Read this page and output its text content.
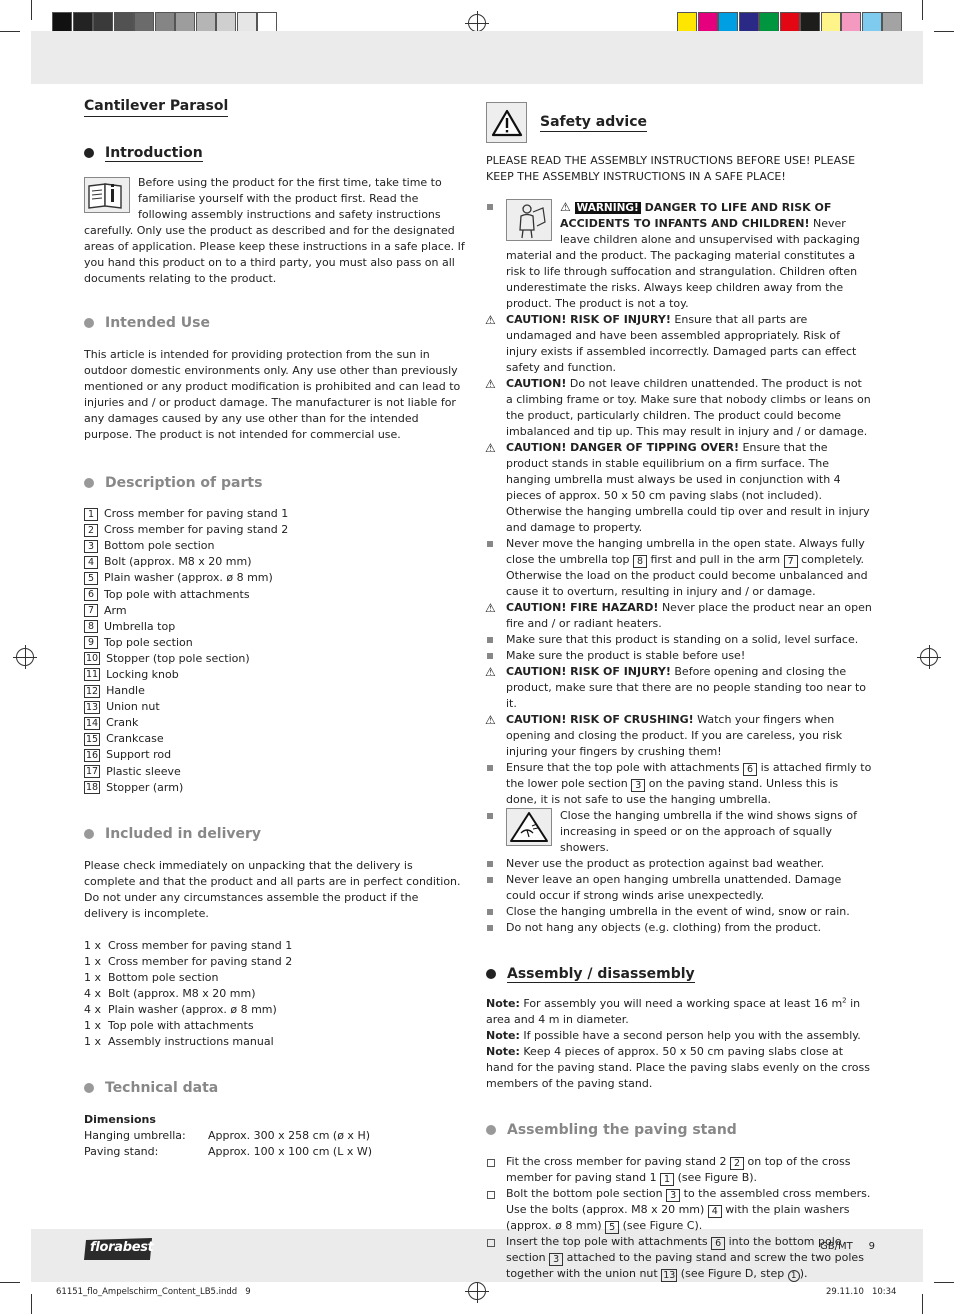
Cantilever Parasol
Introduction

Before using the product for the first time, take time to familiarise yourself with the product first. Read the following assembly instructions and safety instructions carefully. Only use the product as described and for the designated areas of application. Please keep these instructions in a safe place. If you hand this product on to a third party, you must also pass on all documents relating to the product.

Intended Use

This article is intended for providing protection from the sun in outdoor domestic environments only. Any use other than previously mentioned or any product modification is prohibited and can lead to injuries and / or product damage. The manufacturer is not liable for any damages caused by any use other than for the intended purpose. The product is not intended for commercial use.

Description of parts
1 Cross member for paving stand 1
2 Cross member for paving stand 2
3 Bottom pole section
4 Bolt (approx. M8 x 20 mm)
5 Plain washer (approx. ø 8 mm)
6 Top pole with attachments
7 Arm
8 Umbrella top
9 Top pole section
10 Stopper (top pole section)
11 Locking knob
12 Handle
13 Union nut
14 Crank
15 Crankcase
16 Support rod
17 Plastic sleeve
18 Stopper (arm)
Included in delivery

Please check immediately on unpacking that the delivery is complete and that the product and all parts are in perfect condition. Do not under any circumstances assemble the product if the delivery is incomplete.

1 x  Cross member for paving stand 1
1 x  Cross member for paving stand 2
1 x  Bottom pole section
4 x  Bolt (approx. M8 x 20 mm)
4 x  Plain washer (approx. ø 8 mm)
1 x  Top pole with attachments
1 x  Assembly instructions manual
Technical data
Dimensions
Hanging umbrella:	Approx. 300 x 258 cm (ø x H)
Paving stand:	Approx. 100 x 100 cm (L x W)
Safety advice

PLEASE READ THE ASSEMBLY INSTRUCTIONS BEFORE USE! PLEASE KEEP THE ASSEMBLY INSTRUCTIONS IN A SAFE PLACE!

⚠ WARNING! DANGER TO LIFE AND RISK OF ACCIDENTS TO INFANTS AND CHILDREN! Never leave children alone and unsupervised with packaging material and the product. The packaging material constitutes a risk to life through suffocation and strangulation. Children often underestimate the risks. Always keep children away from the product. The product is not a toy.
⚠ CAUTION! RISK OF INJURY! Ensure that all parts are undamaged and have been assembled appropriately. Risk of injury exists if assembled incorrectly. Damaged parts can effect safety and function.
⚠ CAUTION! Do not leave children unattended. The product is not a climbing frame or toy. Make sure that nobody climbs or leans on the product, particularly children. The product could become imbalanced and tip up. This may result in injury and / or damage.
⚠ CAUTION! DANGER OF TIPPING OVER! Ensure that the product stands in stable equilibrium on a firm surface. The hanging umbrella must always be used in conjunction with 4 pieces of approx. 50 x 50 cm paving slabs (not included). Otherwise the hanging umbrella could tip over and result in injury and damage to property.
Never move the hanging umbrella in the open state. Always fully close the umbrella top 8 first and pull in the arm 7 completely. Otherwise the load on the product could become unbalanced and cause it to overturn, resulting in injury and / or damage.
⚠ CAUTION! FIRE HAZARD! Never place the product near an open fire and / or radiant heaters.
Make sure that this product is standing on a solid, level surface.
Make sure the product is stable before use!
⚠ CAUTION! RISK OF INJURY! Before opening and closing the product, make sure that there are no people standing too near to it.
⚠ CAUTION! RISK OF CRUSHING! Watch your fingers when opening and closing the product. If you are careless, you risk injuring your fingers by crushing them!
Ensure that the top pole with attachments 6 is attached firmly to the lower pole section 3 on the paving stand. Unless this is done, it is not safe to use the hanging umbrella.
Close the hanging umbrella if the wind shows signs of increasing in speed or on the approach of squally showers.
Never use the product as protection against bad weather.
Never leave an open hanging umbrella unattended. Damage could occur if strong winds arise unexpectedly.
Close the hanging umbrella in the event of wind, snow or rain.
Do not hang any objects (e.g. clothing) from the product.
Assembly / disassembly

Note: For assembly you will need a working space at least 16 $m^2$ in area and 4 m in diameter.

Note: If possible have a second person help you with the assembly.

Note: Keep 4 pieces of approx. 50 x 50 cm paving slabs close at hand for the paving stand. Place the paving slabs evenly on the cross members of the paving stand.

Assembling the paving stand
Fit the cross member for paving stand 2 2 on top of the cross member for paving stand 1 1 (see Figure B).
Bolt the bottom pole section 3 to the assembled cross members. Use the bolts (approx. M8 x 20 mm) 4 with the plain washers (approx. ø 8 mm) 5 (see Figure C).
Insert the top pole with attachments 6 into the bottom pole section 3 attached to the paving stand and screw the two poles together with the union nut 13 (see Figure D, step 1 ).
florabest	GB/MT     9
61151_flo_Ampelschirm_Content_LB5.indd   9	29.11.10   10:34
